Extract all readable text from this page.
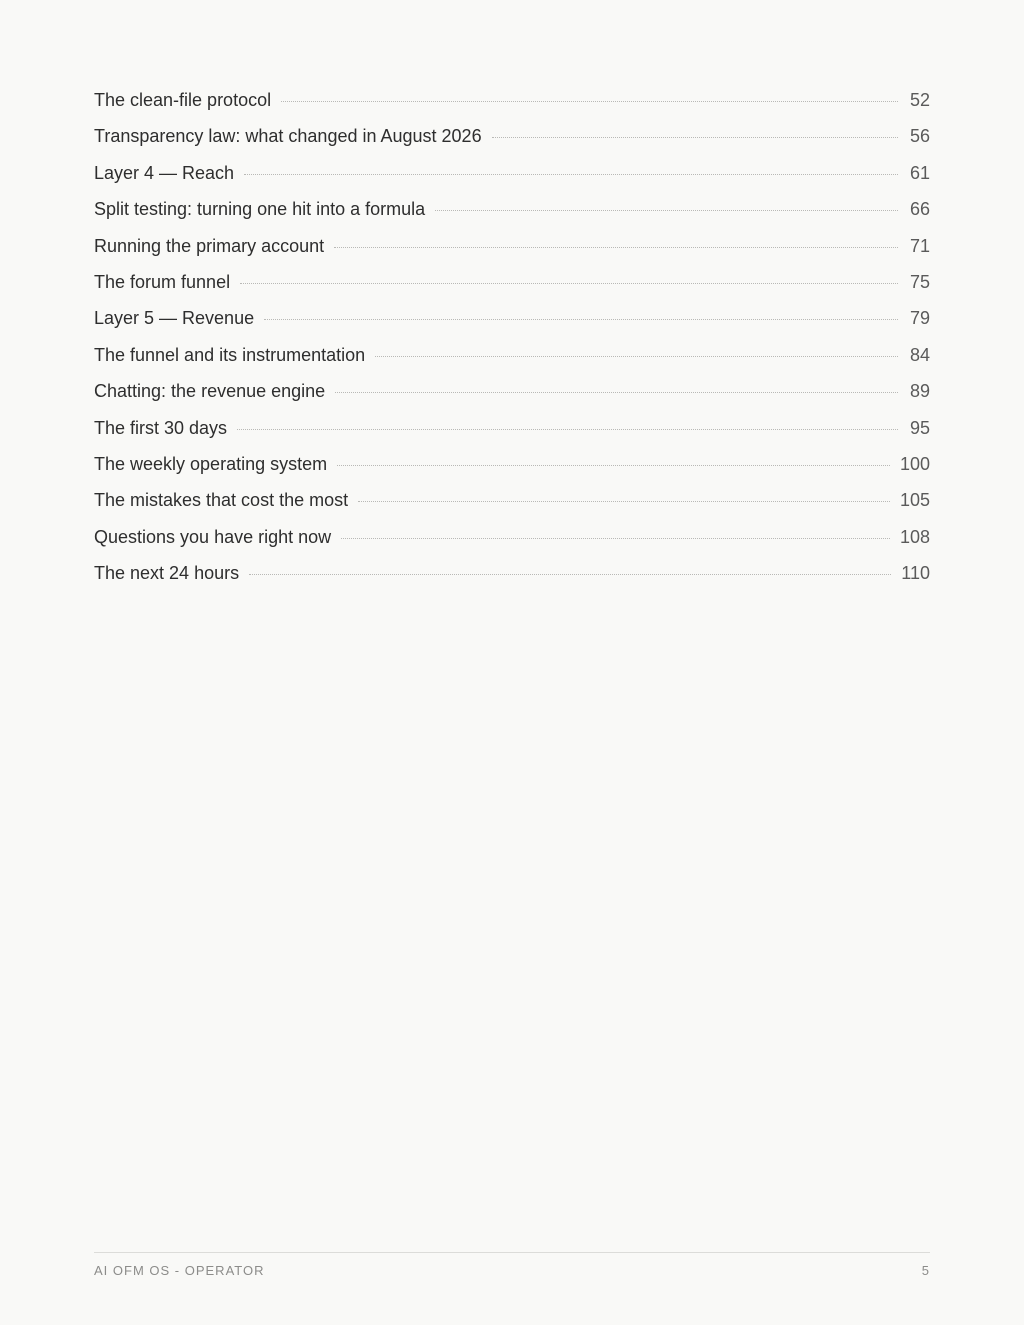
The clean-file protocol	52
Transparency law: what changed in August 2026	56
Layer 4 — Reach	61
Split testing: turning one hit into a formula	66
Running the primary account	71
The forum funnel	75
Layer 5 — Revenue	79
The funnel and its instrumentation	84
Chatting: the revenue engine	89
The first 30 days	95
The weekly operating system	100
The mistakes that cost the most	105
Questions you have right now	108
The next 24 hours	110
AI OFM OS - OPERATOR	5
